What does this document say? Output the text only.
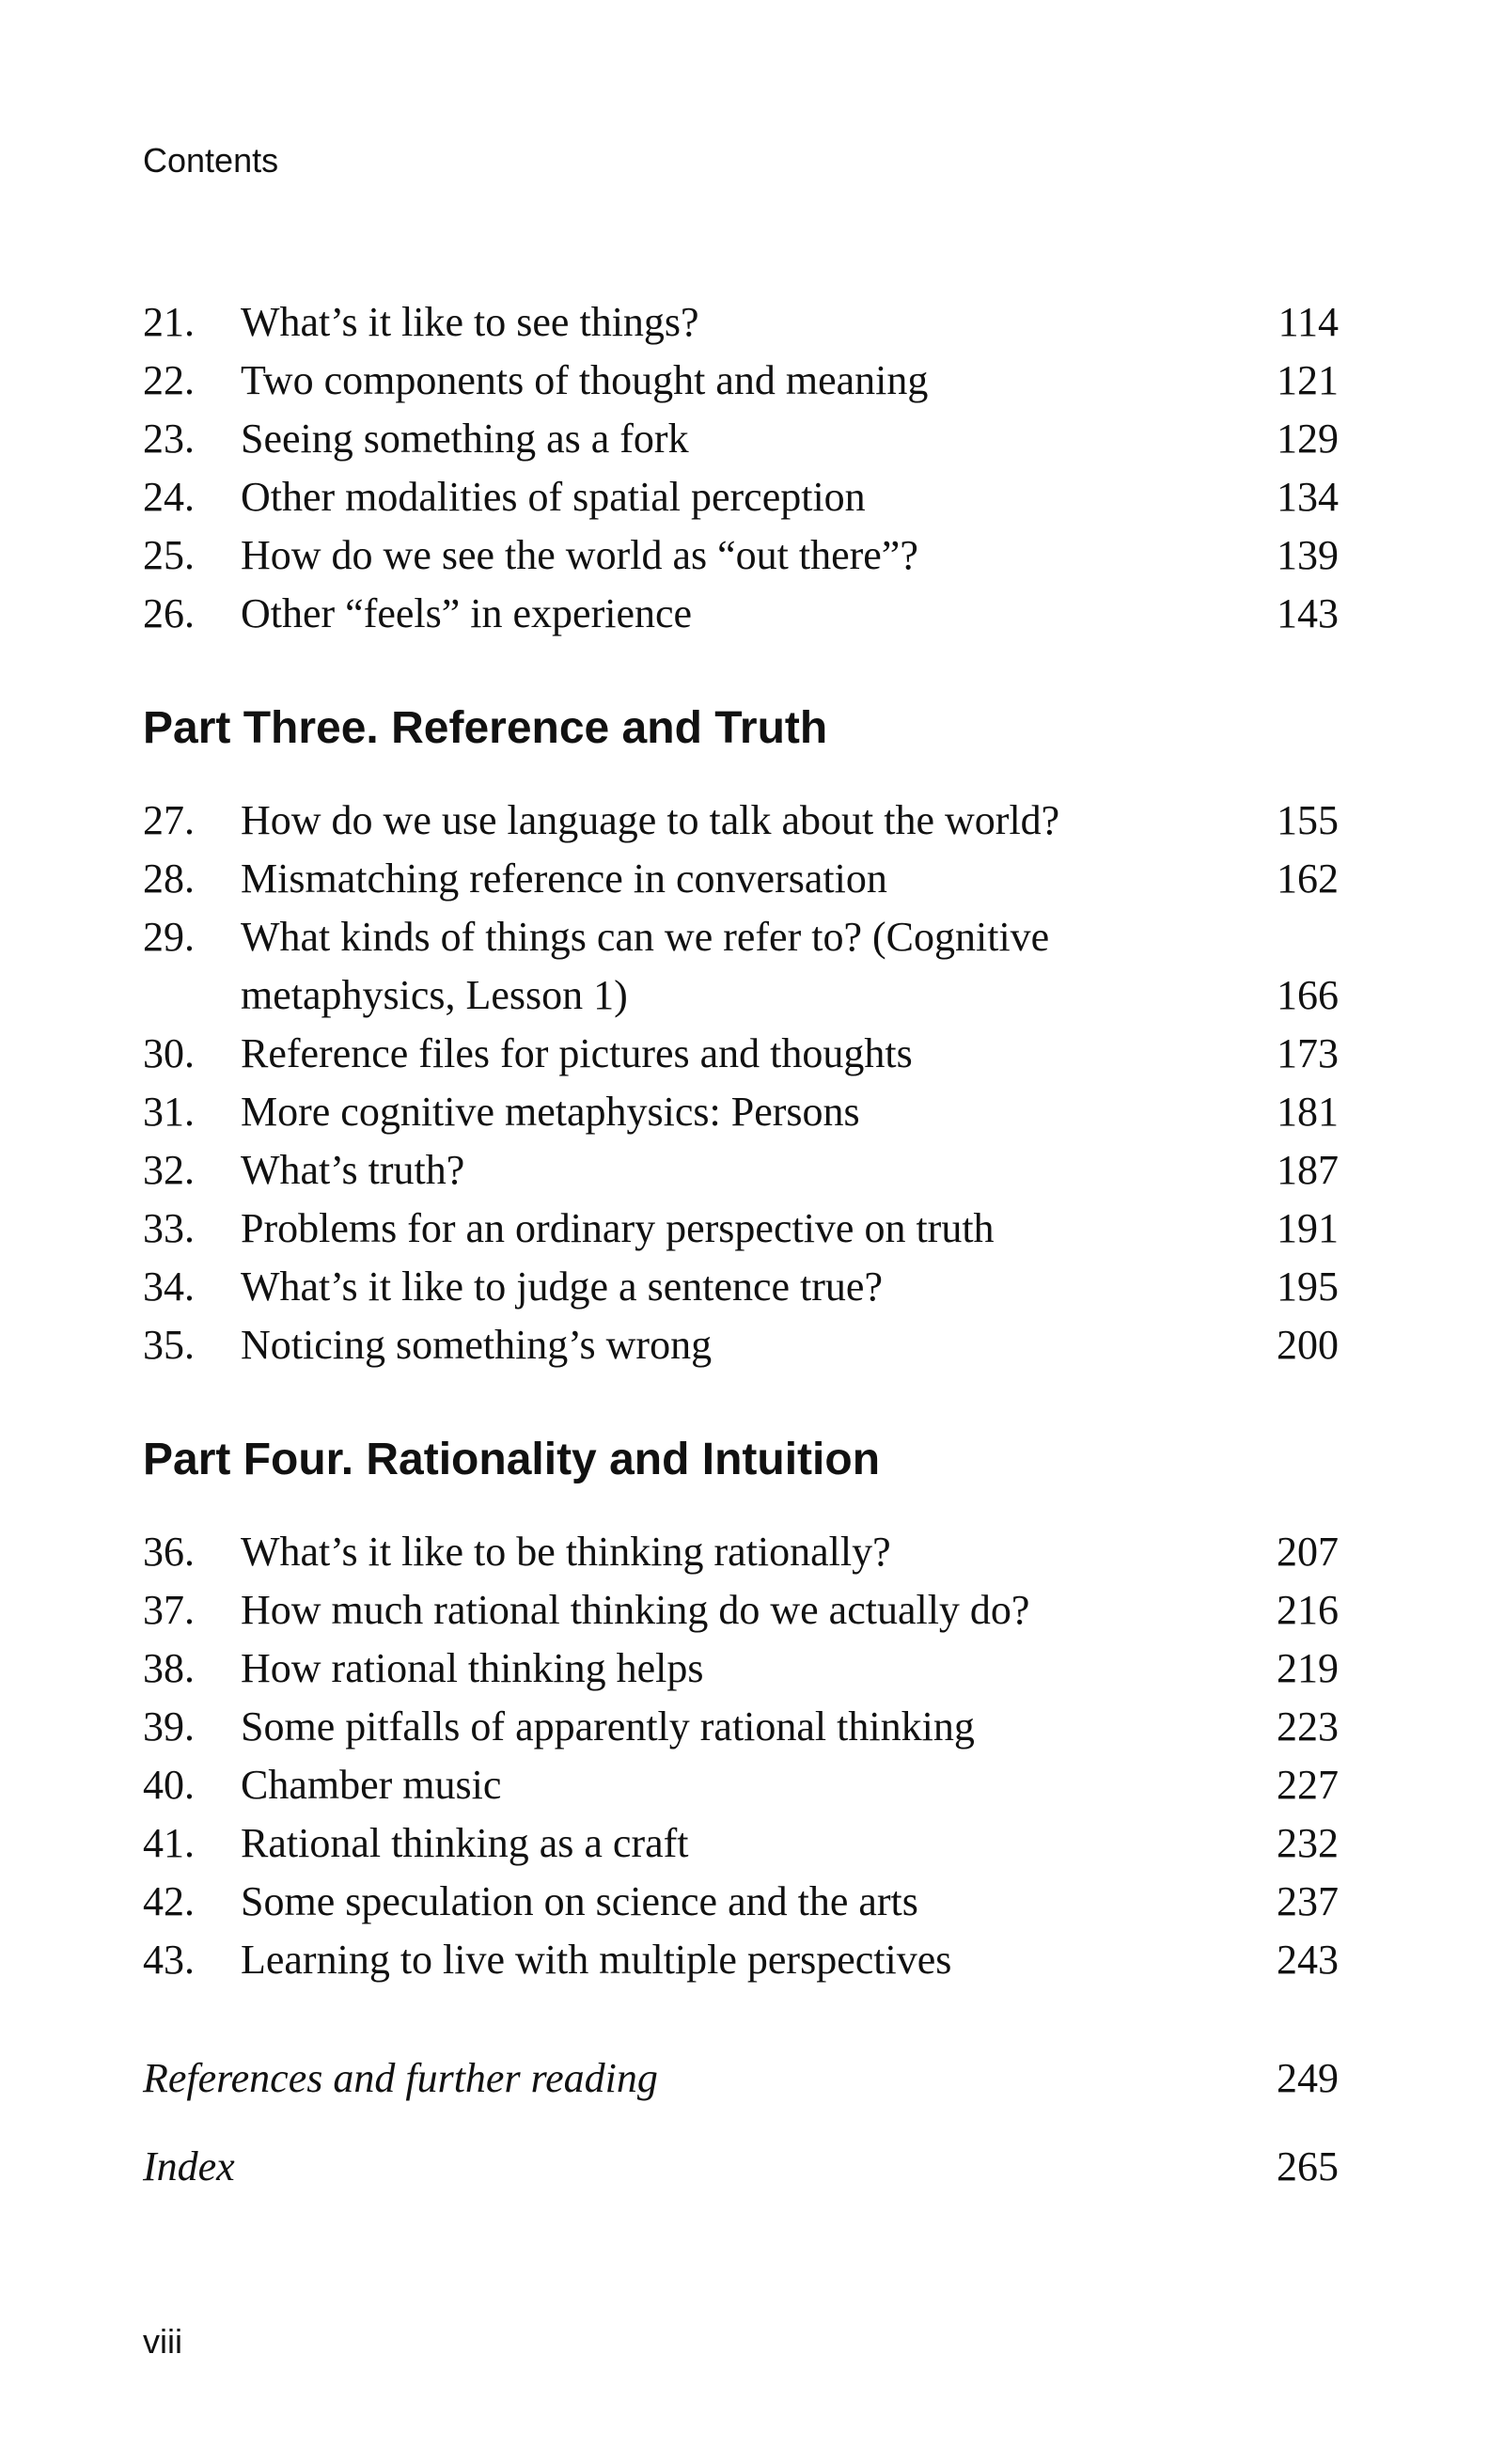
Contents
21.	What’s it like to see things?	114
22.	Two components of thought and meaning	121
23.	Seeing something as a fork	129
24.	Other modalities of spatial perception	134
25.	How do we see the world as “out there”?	139
26.	Other “feels” in experience	143
Part Three. Reference and Truth
27.	How do we use language to talk about the world?	155
28.	Mismatching reference in conversation	162
29.	What kinds of things can we refer to? (Cognitive metaphysics, Lesson 1)	166
30.	Reference files for pictures and thoughts	173
31.	More cognitive metaphysics: Persons	181
32.	What’s truth?	187
33.	Problems for an ordinary perspective on truth	191
34.	What’s it like to judge a sentence true?	195
35.	Noticing something’s wrong	200
Part Four. Rationality and Intuition
36.	What’s it like to be thinking rationally?	207
37.	How much rational thinking do we actually do?	216
38.	How rational thinking helps	219
39.	Some pitfalls of apparently rational thinking	223
40.	Chamber music	227
41.	Rational thinking as a craft	232
42.	Some speculation on science and the arts	237
43.	Learning to live with multiple perspectives	243
References and further reading	249
Index	265
viii
